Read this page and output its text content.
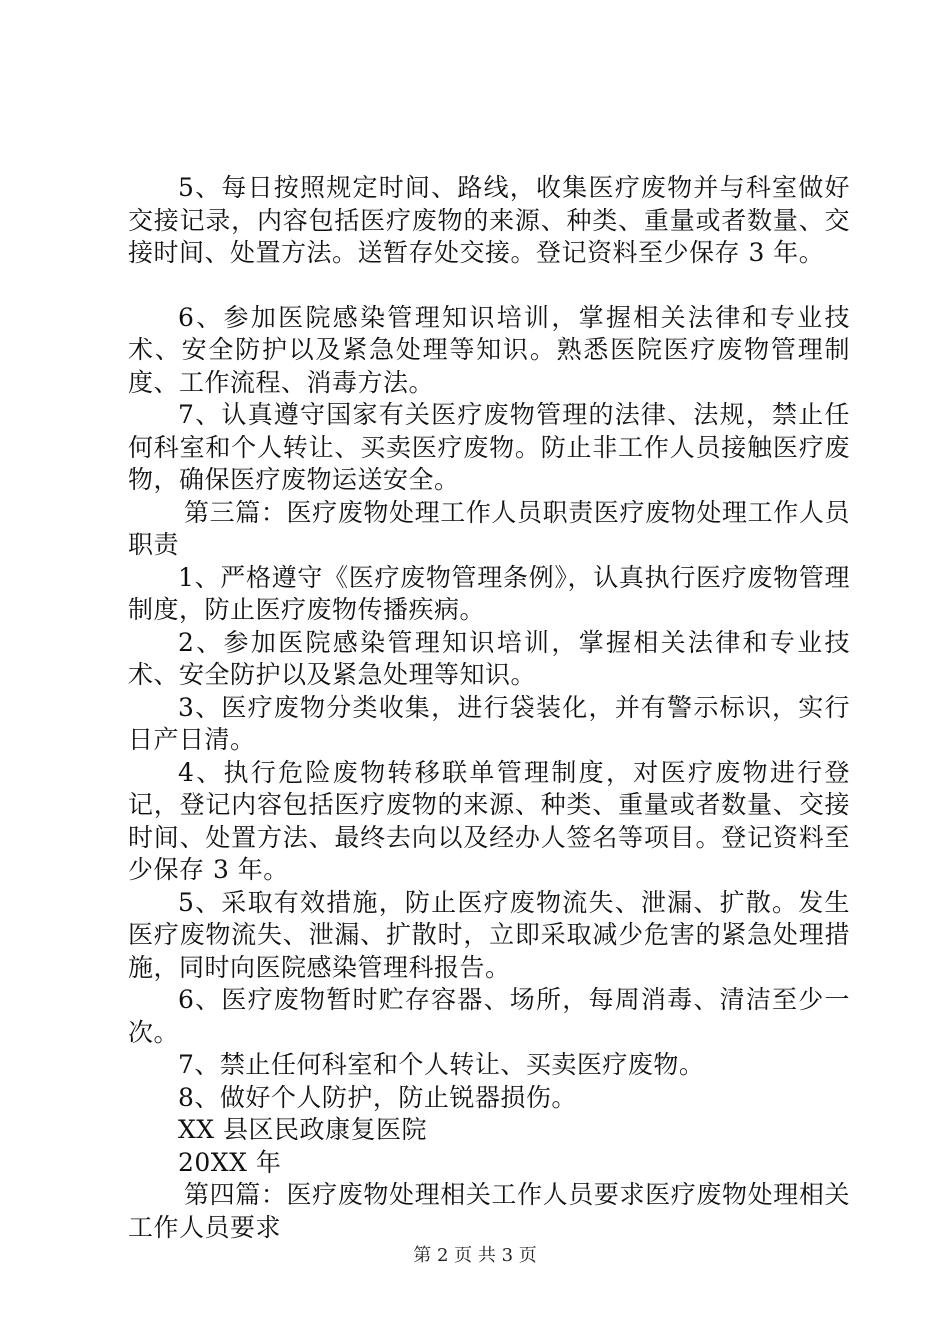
5、每日按照规定时间、路线，收集医疗废物并与科室做好交接记录，内容包括医疗废物的来源、种类、重量或者数量、交接时间、处置方法。送暂存处交接。登记资料至少保存 3 年。

6、参加医院感染管理知识培训，掌握相关法律和专业技术、安全防护以及紧急处理等知识。熟悉医院医疗废物管理制度、工作流程、消毒方法。

7、认真遵守国家有关医疗废物管理的法律、法规，禁止任何科室和个人转让、买卖医疗废物。防止非工作人员接触医疗废物，确保医疗废物运送安全。

第三篇：医疗废物处理工作人员职责医疗废物处理工作人员职责

1、严格遵守《医疗废物管理条例》，认真执行医疗废物管理制度，防止医疗废物传播疾病。

2、参加医院感染管理知识培训，掌握相关法律和专业技术、安全防护以及紧急处理等知识。

3、医疗废物分类收集，进行袋装化，并有警示标识，实行日产日清。

4、执行危险废物转移联单管理制度，对医疗废物进行登记，登记内容包括医疗废物的来源、种类、重量或者数量、交接时间、处置方法、最终去向以及经办人签名等项目。登记资料至少保存 3 年。

5、采取有效措施，防止医疗废物流失、泄漏、扩散。发生医疗废物流失、泄漏、扩散时，立即采取减少危害的紧急处理措施，同时向医院感染管理科报告。

6、医疗废物暂时贮存容器、场所，每周消毒、清洁至少一次。

7、禁止任何科室和个人转让、买卖医疗废物。

8、做好个人防护，防止锐器损伤。

XX 县区民政康复医院

20XX 年

第四篇：医疗废物处理相关工作人员要求医疗废物处理相关工作人员要求

第 2 页 共 3 页
